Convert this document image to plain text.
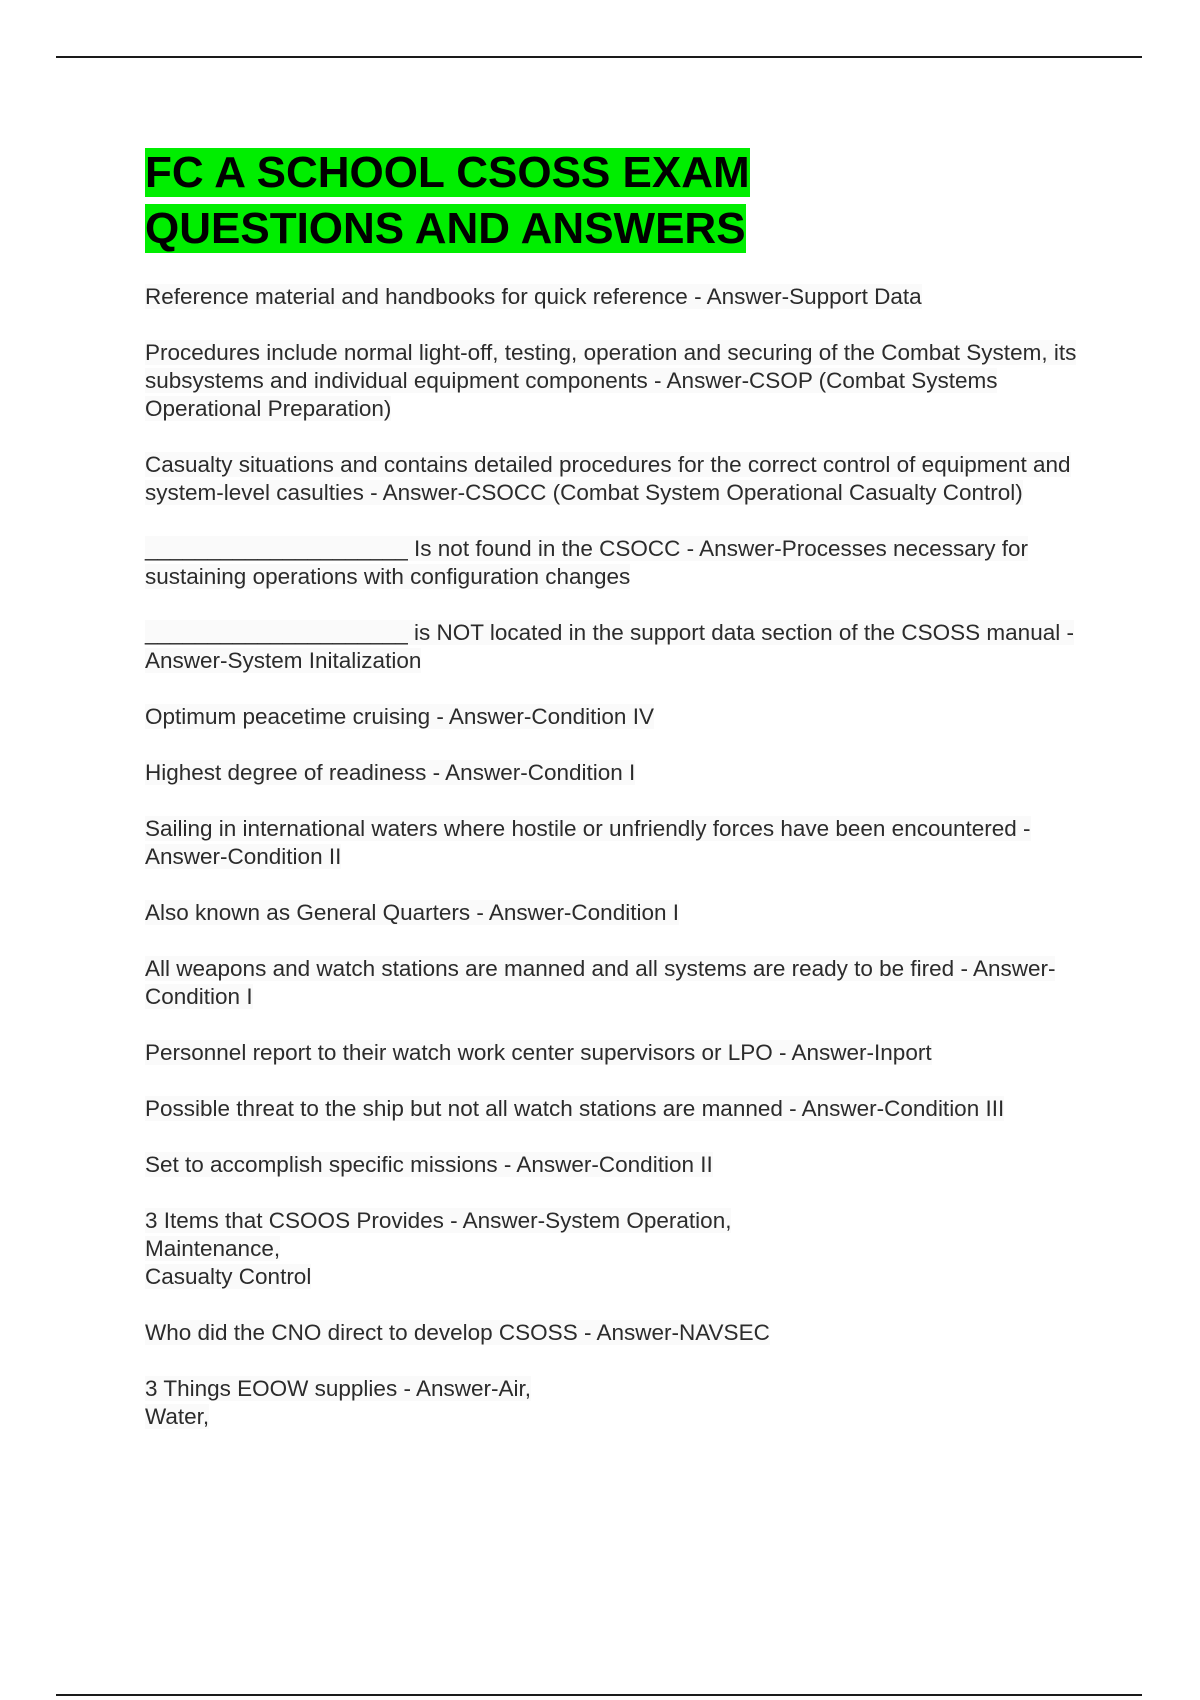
FC A SCHOOL CSOSS EXAM
QUESTIONS AND ANSWERS

Reference material and handbooks for quick reference - Answer-Support Data

Procedures include normal light-off, testing, operation and securing of the Combat System, its subsystems and individual equipment components - Answer-CSOP (Combat Systems Operational Preparation)

Casualty situations and contains detailed procedures for the correct control of equipment and system-level casulties - Answer-CSOCC (Combat System Operational Casualty Control)

_____________________ Is not found in the CSOCC - Answer-Processes necessary for sustaining operations with configuration changes

_____________________ is NOT located in the support data section of the CSOSS manual - Answer-System Initalization

Optimum peacetime cruising - Answer-Condition IV

Highest degree of readiness - Answer-Condition I

Sailing in international waters where hostile or unfriendly forces have been encountered - Answer-Condition II

Also known as General Quarters - Answer-Condition I

All weapons and watch stations are manned and all systems are ready to be fired - Answer-Condition I

Personnel report to their watch work center supervisors or LPO - Answer-Inport

Possible threat to the ship but not all watch stations are manned - Answer-Condition III

Set to accomplish specific missions - Answer-Condition II

3 Items that CSOOS Provides - Answer-System Operation,
Maintenance,
Casualty Control

Who did the CNO direct to develop CSOSS - Answer-NAVSEC

3 Things EOOW supplies - Answer-Air,
Water,
